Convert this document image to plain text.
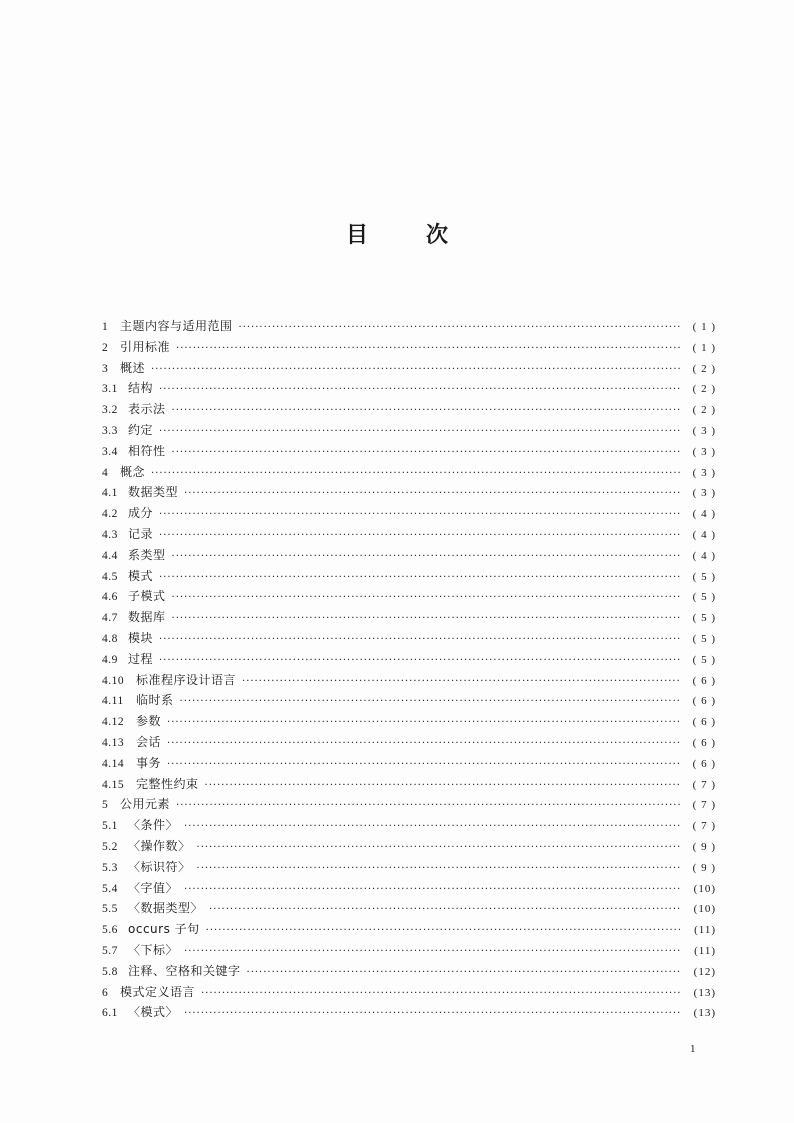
目	次
1 主题内容与适用范围 ·····	( 1 )
2 引用标准 ·····	( 1 )
3 概述 ·····	( 2 )
3.1 结构 ·····	( 2 )
3.2 表示法 ·····	( 2 )
3.3 约定 ·····	( 3 )
3.4 相符性 ·····	( 3 )
4 概念 ·····	( 3 )
4.1 数据类型 ·····	( 3 )
4.2 成分 ·····	( 4 )
4.3 记录 ·····	( 4 )
4.4 系类型 ·····	( 4 )
4.5 模式 ·····	( 5 )
4.6 子模式 ·····	( 5 )
4.7 数据库 ·····	( 5 )
4.8 模块 ·····	( 5 )
4.9 过程 ·····	( 5 )
4.10 标准程序设计语言 ·····	( 6 )
4.11	临时系 ·····	( 6 )
4.12 参数 ·····	( 6 )
4.13 会话 ·····	( 6 )
4.14 事务 ·····	( 6 )
4.15 完整性约束 ·····	( 7 )
5 公用元素 ·····	( 7 )
5.1 〈条件〉 ·····	( 7 )
5.2 〈操作数〉 ·····	( 9 )
5.3 〈标识符〉 ·····	( 9 )
5.4 〈字值〉 ·····	(10)
5.5 〈数据类型〉 ·····	(10)
5.6 occurs 子句 ·····	(11)
5.7 〈下标〉 ·····	(11)
5.8 注释、空格和关键字 ·····	(12)
6 模式定义语言 ·····	(13)
6.1 〈模式〉 ·····	(13)
1
